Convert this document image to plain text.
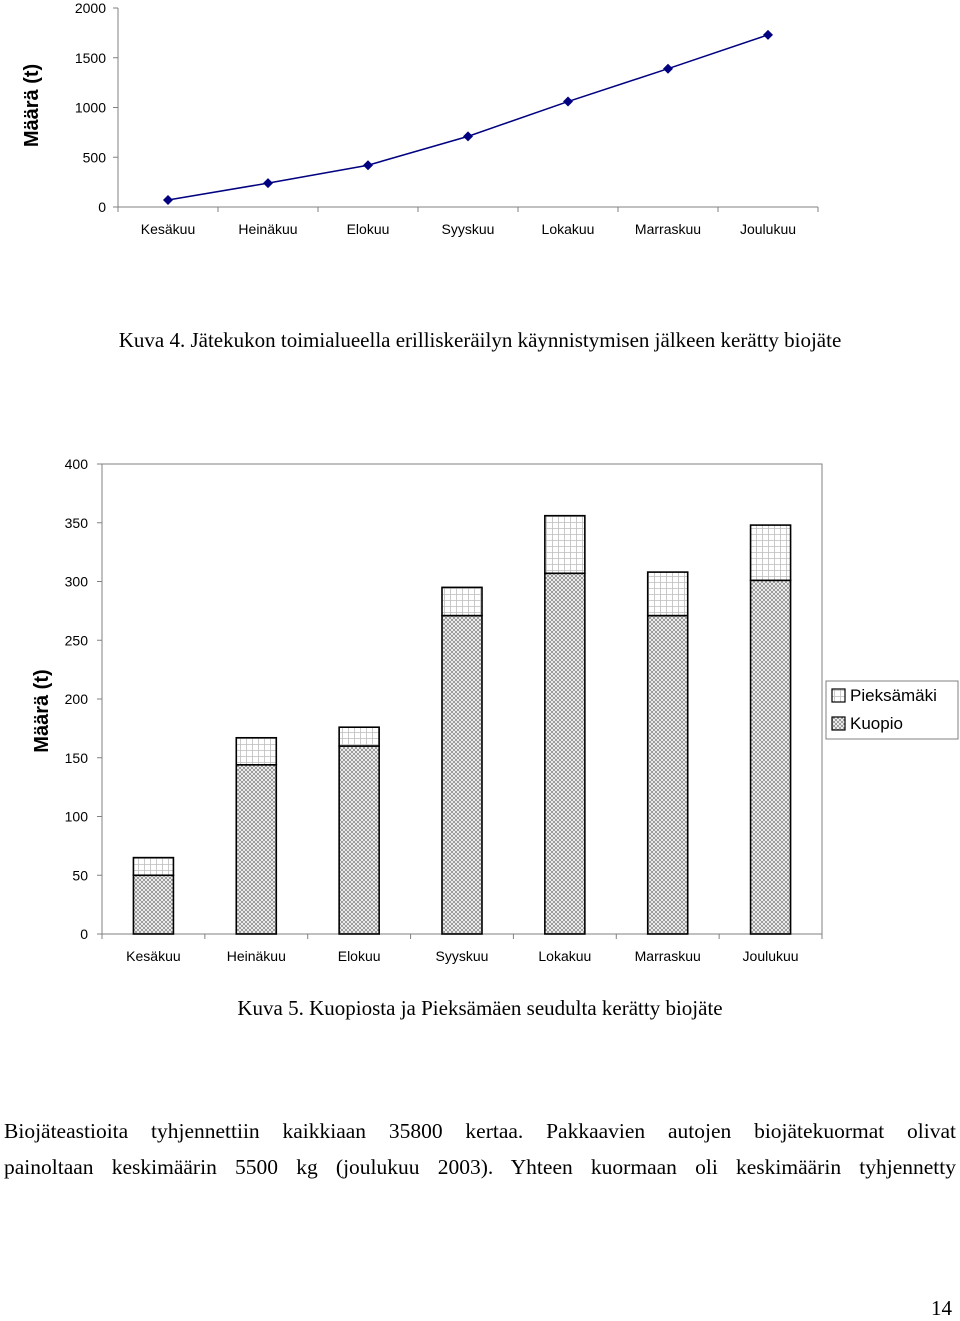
0
500
1000
1500
2000
Kesäkuu	Heinäkuu	Elokuu	Syyskuu	Lokakuu	Marraskuu	Joulukuu
Määrä (t)
Kuva 4. Jätekukon toimialueella erilliskeräilyn käynnistymisen jälkeen kerätty biojäte
0
50
100
150
200
250
300
350
400
Kesäkuu	Heinäkuu	Elokuu	Syyskuu	Lokakuu	Marraskuu	Joulukuu
Määrä (t)	Pieksämäki
Kuopio
Kuva 5. Kuopiosta ja Pieksämäen seudulta kerätty biojäte
Biojäteastioita tyhjennettiin kaikkiaan 35800 kertaa. Pakkaavien autojen biojätekuormat olivat
painoltaan keskimäärin 5500 kg (joulukuu 2003). Yhteen kuormaan oli keskimäärin tyhjennetty
14
